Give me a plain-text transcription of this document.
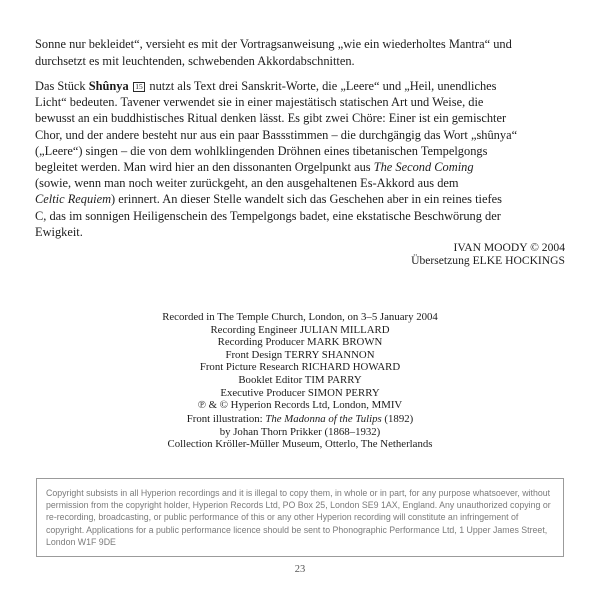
Sonne nur bekleidet“, versieht es mit der Vortragsanweisung „wie ein wiederholtes Mantra“ und
durchsetzt es mit leuchtenden, schwebenden Akkordabschnitten.
Das Stück Shûnya 15 nutzt als Text drei Sanskrit-Worte, die „Leere“ und „Heil, unendliches
Licht“ bedeuten. Tavener verwendet sie in einer majestätisch statischen Art und Weise, die
bewusst an ein buddhistisches Ritual denken lässt. Es gibt zwei Chöre: Einer ist ein gemischter
Chor, und der andere besteht nur aus ein paar Bassstimmen – die durchgängig das Wort „shûnya“
(„Leere“) singen – die von dem wohlklingenden Dröhnen eines tibetanischen Tempelgongs
begleitet werden. Man wird hier an den dissonanten Orgelpunkt aus The Second Coming
(sowie, wenn man noch weiter zurückgeht, an den ausgehaltenen Es-Akkord aus dem
Celtic Requiem) erinnert. An dieser Stelle wandelt sich das Geschehen aber in ein reines tiefes
C, das im sonnigen Heiligenschein des Tempelgongs badet, eine ekstatische Beschwörung der
Ewigkeit.
IVAN MOODY © 2004
Übersetzung ELKE HOCKINGS
Recorded in The Temple Church, London, on 3–5 January 2004
Recording Engineer JULIAN MILLARD
Recording Producer MARK BROWN
Front Design TERRY SHANNON
Front Picture Research RICHARD HOWARD
Booklet Editor TIM PARRY
Executive Producer SIMON PERRY
℗ & © Hyperion Records Ltd, London, MMIV
Front illustration: The Madonna of the Tulips (1892)
by Johan Thorn Prikker (1868–1932)
Collection Kröller-Müller Museum, Otterlo, The Netherlands
Copyright subsists in all Hyperion recordings and it is illegal to copy them, in whole or in part, for any purpose whatsoever, without permission from the copyright holder, Hyperion Records Ltd, PO Box 25, London SE9 1AX, England. Any unauthorized copying or re-recording, broadcasting, or public performance of this or any other Hyperion recording will constitute an infringement of copyright. Applications for a public performance licence should be sent to Phonographic Performance Ltd, 1 Upper James Street, London W1F 9DE
23
